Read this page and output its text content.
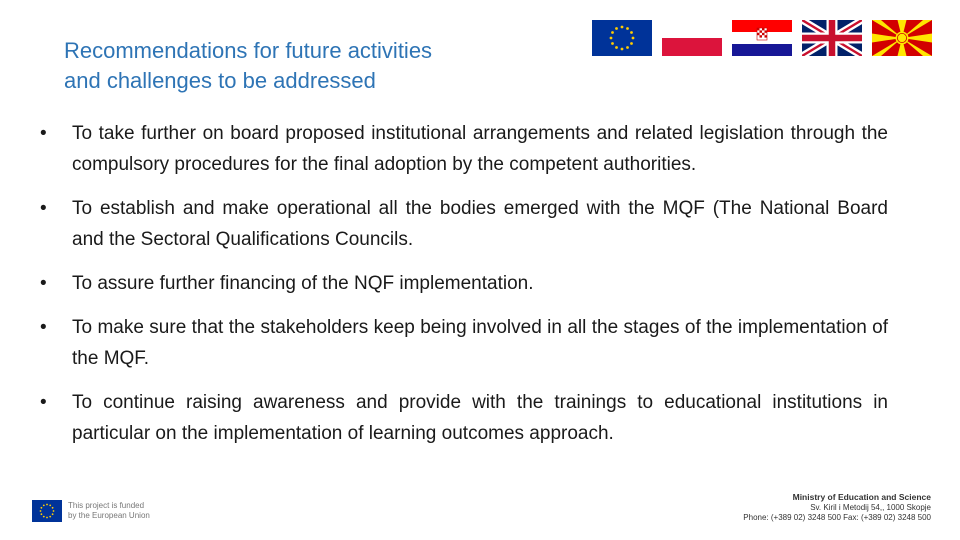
Recommendations for future activities
and challenges to be addressed
• To take further on board proposed institutional arrangements and related legislation through the compulsory procedures for the final adoption by the competent authorities.
• To establish and make operational all the bodies emerged with the MQF (The National Board and the Sectoral Qualifications Councils.
• To assure further financing of the NQF implementation.
• To make sure that the stakeholders keep being involved in all the stages of the implementation of the MQF.
• To continue raising awareness and provide with the trainings to educational institutions in particular on the implementation of learning outcomes approach.
This project is funded
by the European Union
Ministry of Education and Science
Sv. Kiril i Metodij 54,, 1000 Skopje
Phone: (+389 02) 3248 500 Fax: (+389 02) 3248 500
